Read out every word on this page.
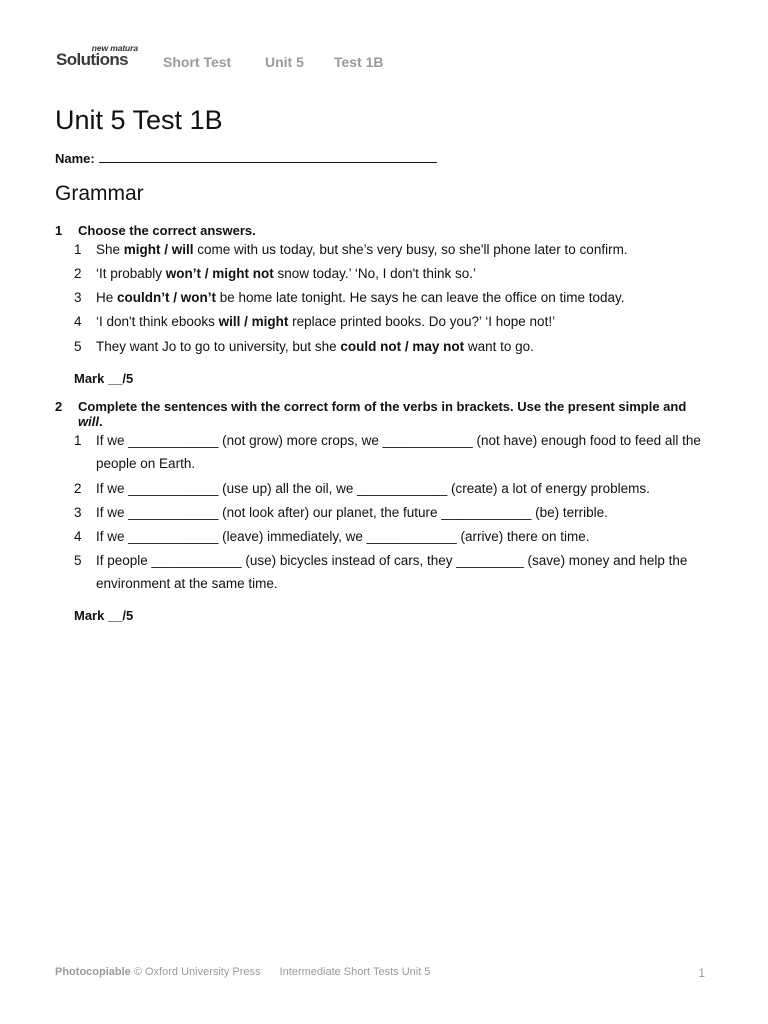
new matura
Solutions Short Test Unit 5 Test 1B
Unit 5 Test 1B
Name:
Grammar
1 Choose the correct answers.
1 She might / will come with us today, but she’s very busy, so she'll phone later to confirm.
2 ‘It probably won’t / might not snow today.’ ‘No, I don't think so.’
3 He couldn’t / won’t be home late tonight. He says he can leave the office on time today.
4 ‘I don't think ebooks will / might replace printed books. Do you?’ ‘I hope not!’
5 They want Jo to go to university, but she could not / may not want to go.
Mark __/5
2 Complete the sentences with the correct form of the verbs in brackets. Use the present simple and will.
1 If we ____________ (not grow) more crops, we ____________ (not have) enough food to feed all the people on Earth.
2 If we ____________ (use up) all the oil, we ____________ (create) a lot of energy problems.
3 If we ____________ (not look after) our planet, the future ____________ (be) terrible.
4 If we ____________ (leave) immediately, we ____________ (arrive) there on time.
5 If people ____________ (use) bicycles instead of cars, they _________ (save) money and help the environment at the same time.
Mark __/5
Photocopiable © Oxford University Press Intermediate Short Tests Unit 5	1
